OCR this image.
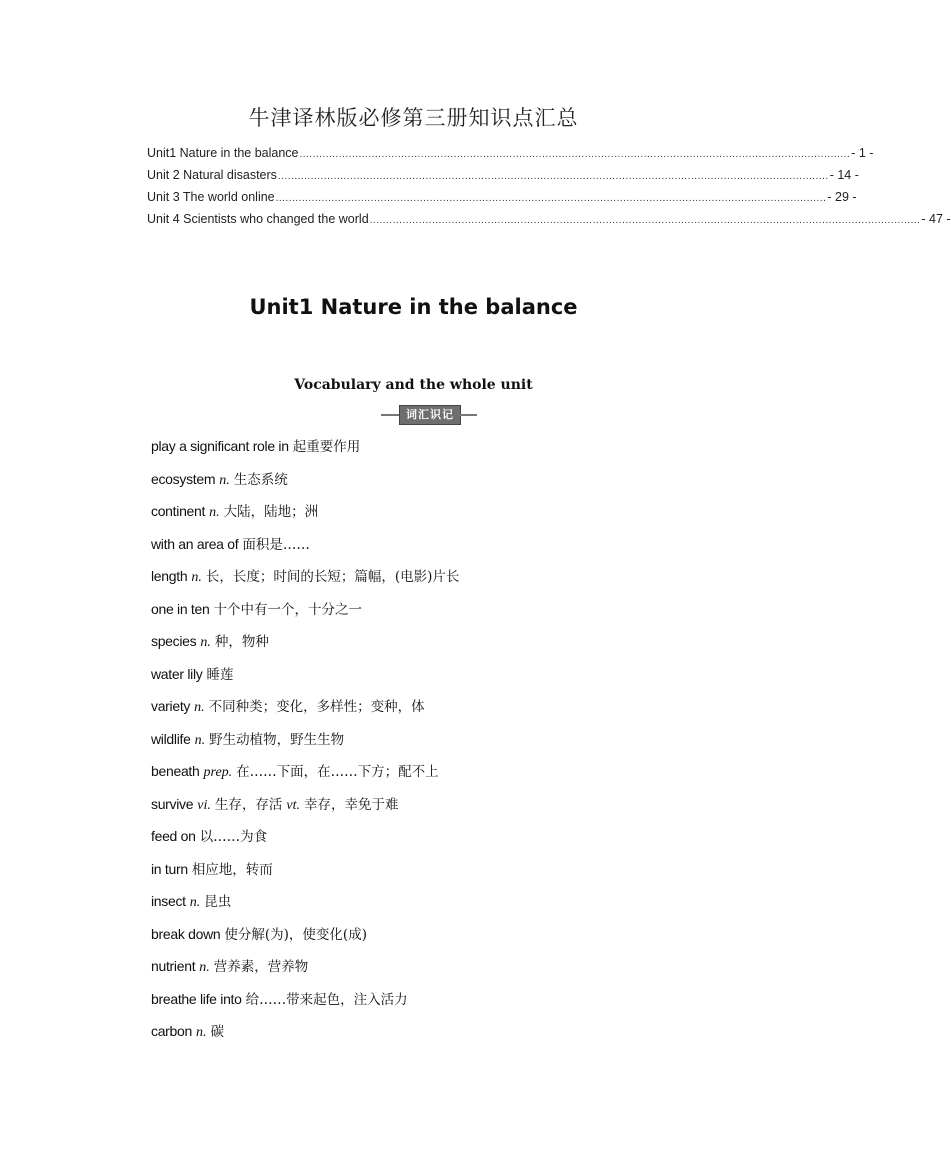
牛津译林版必修第三册知识点汇总
Unit1 Nature in the balance ........................................................................................................................................................................ - 1 -
Unit 2 Natural disasters ........................................................................................................................................................................ - 14 -
Unit 3 The world online ........................................................................................................................................................................ - 29 -
Unit 4 Scientists who changed the world ........................................................................................................................................................................ - 47 -
Unit1 Nature in the balance
Vocabulary and the whole unit
词汇识记
play a significant role in 起重要作用
ecosystem n. 生态系统
continent n. 大陆，陆地；洲
with an area of 面积是……
length n. 长，长度；时间的长短；篇幅，(电影)片长
one in ten 十个中有一个，十分之一
species n. 种，物种
water lily 睡莲
variety n. 不同种类；变化，多样性；变种，体
wildlife n. 野生动植物，野生生物
beneath prep. 在……下面，在……下方；配不上
survive vi. 生存，存活 vt. 幸存，幸免于难
feed on 以……为食
in turn 相应地，转而
insect n. 昆虫
break down 使分解(为)，使变化(成)
nutrient n. 营养素，营养物
breathe life into 给……带来起色，注入活力
carbon n. 碳
